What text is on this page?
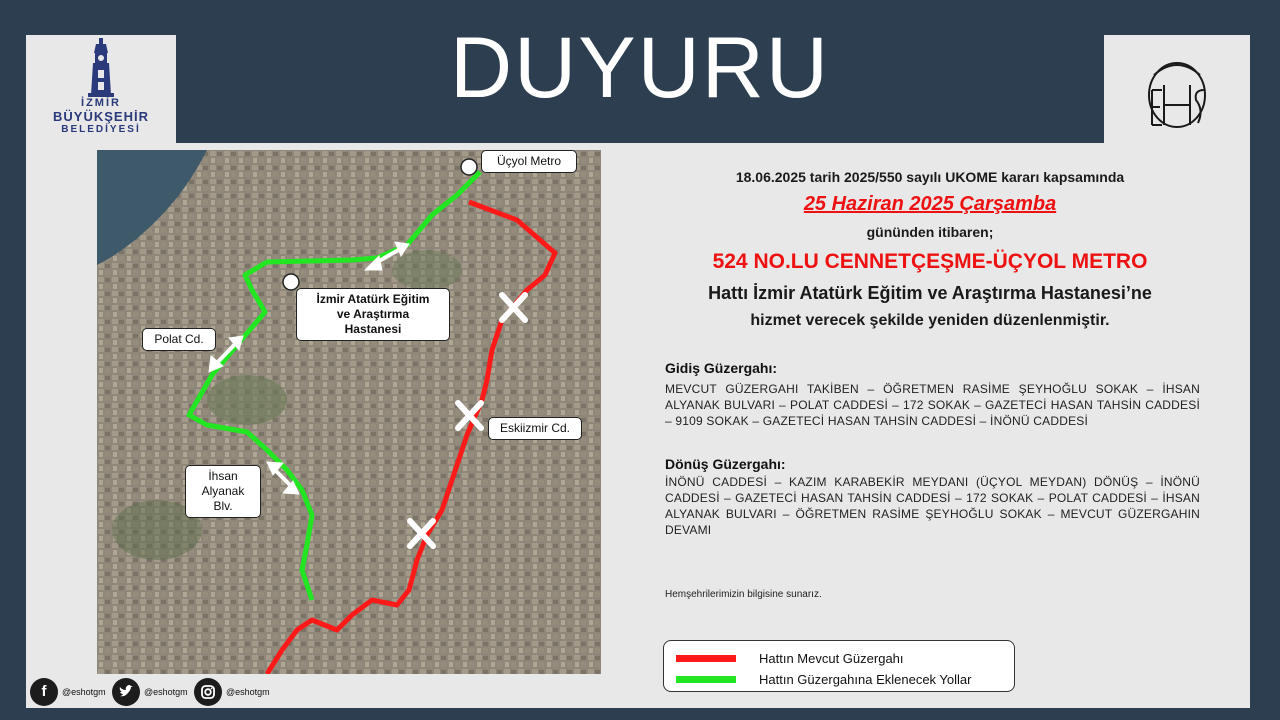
DUYURU
İZMİR
BÜYÜKŞEHİR
BELEDİYESİ
Üçyol Metro
İzmir Atatürk Eğitim
ve Araştırma
Hastanesi
Polat Cd.
Eskiizmir Cd.
İhsan
Alyanak
Blv.
18.06.2025 tarih 2025/550 sayılı UKOME kararı kapsamında
25 Haziran 2025 Çarşamba
gününden itibaren;
524 NO.LU CENNETÇEŞME-ÜÇYOL METRO
Hattı İzmir Atatürk Eğitim ve Araştırma Hastanesi’ne
hizmet verecek şekilde yeniden düzenlenmiştir.
Gidiş Güzergahı:
MEVCUT GÜZERGAHI TAKİBEN – ÖĞRETMEN RASİME ŞEYHOĞLU SOKAK – İHSAN ALYANAK BULVARI – POLAT CADDESİ – 172 SOKAK – GAZETECİ HASAN TAHSİN CADDESİ – 9109 SOKAK – GAZETECİ HASAN TAHSİN CADDESİ – İNÖNÜ CADDESİ
Dönüş Güzergahı:
İNÖNÜ CADDESİ – KAZIM KARABEKİR MEYDANI (ÜÇYOL MEYDAN) DÖNÜŞ – İNÖNÜ CADDESİ – GAZETECİ HASAN TAHSİN CADDESİ – 172 SOKAK – POLAT CADDESİ – İHSAN ALYANAK BULVARI – ÖĞRETMEN RASİME ŞEYHOĞLU SOKAK – MEVCUT GÜZERGAHIN DEVAMI
Hemşehrilerimizin bilgisine sunarız.
Hattın Mevcut Güzergahı
Hattın Güzergahına Eklenecek Yollar
f	@eshotgm	@eshotgm	@eshotgm
